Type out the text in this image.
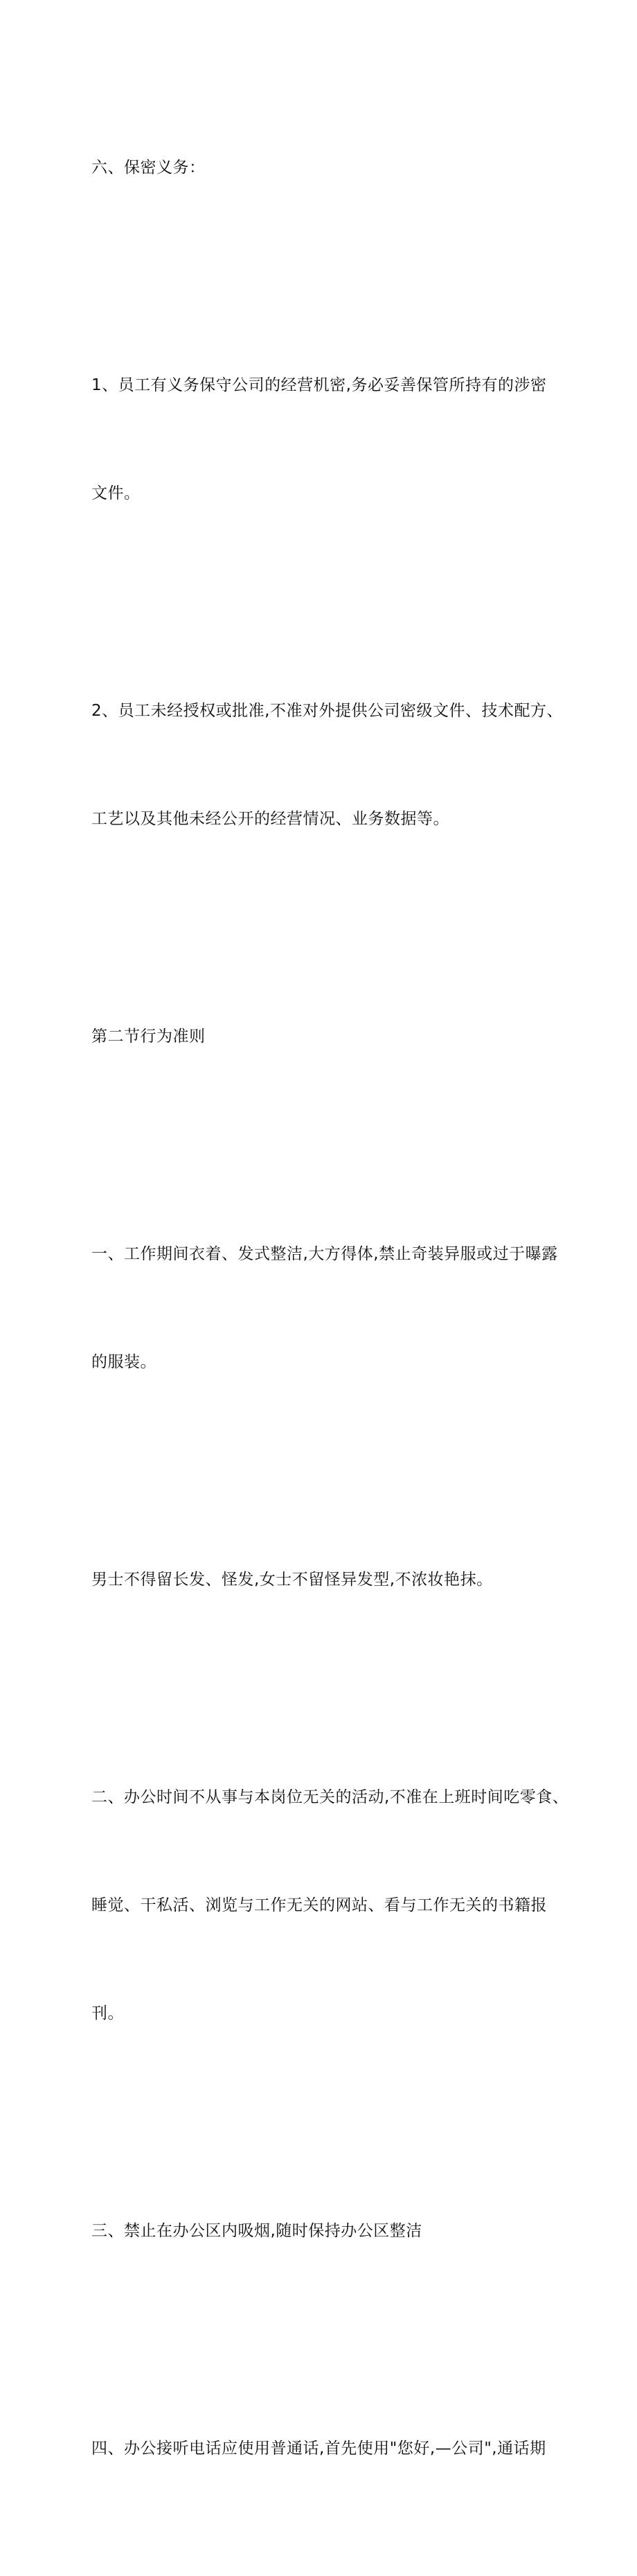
六、保密义务：

1、员工有义务保守公司的经营机密,务必妥善保管所持有的涉密

文件。

2、员工未经授权或批准,不准对外提供公司密级文件、技术配方、

工艺以及其他未经公开的经营情况、业务数据等。

第二节行为准则

一、工作期间衣着、发式整洁,大方得体,禁止奇装异服或过于曝露

的服装。

男士不得留长发、怪发,女士不留怪异发型,不浓妆艳抹。

二、办公时间不从事与本岗位无关的活动,不准在上班时间吃零食、

睡觉、干私活、浏览与工作无关的网站、看与工作无关的书籍报

刊。

三、禁止在办公区内吸烟,随时保持办公区整洁

四、办公接听电话应使用普通话,首先使用"您好,—公司",通话期
